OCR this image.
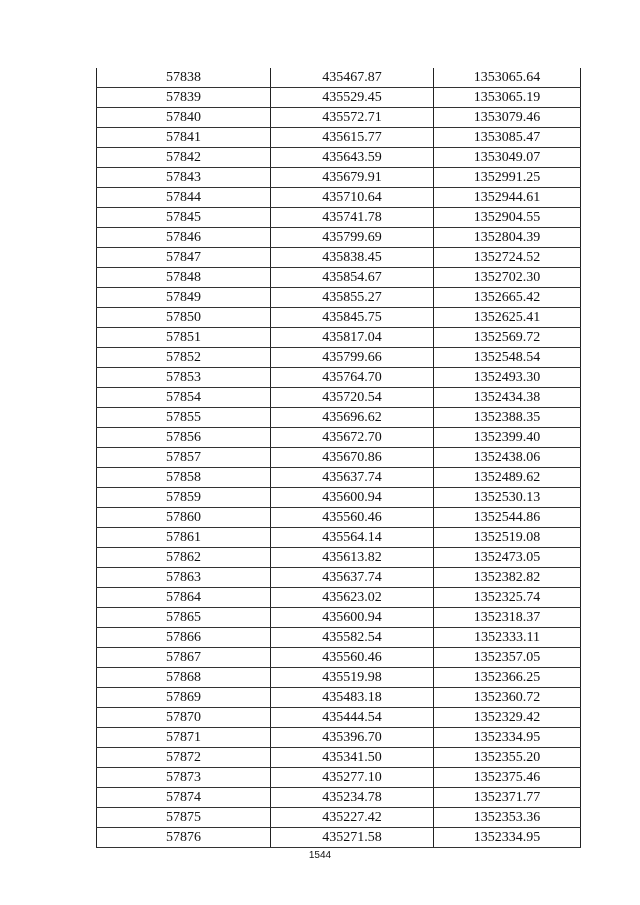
57838	435467.87	1353065.64
57839	435529.45	1353065.19
57840	435572.71	1353079.46
57841	435615.77	1353085.47
57842	435643.59	1353049.07
57843	435679.91	1352991.25
57844	435710.64	1352944.61
57845	435741.78	1352904.55
57846	435799.69	1352804.39
57847	435838.45	1352724.52
57848	435854.67	1352702.30
57849	435855.27	1352665.42
57850	435845.75	1352625.41
57851	435817.04	1352569.72
57852	435799.66	1352548.54
57853	435764.70	1352493.30
57854	435720.54	1352434.38
57855	435696.62	1352388.35
57856	435672.70	1352399.40
57857	435670.86	1352438.06
57858	435637.74	1352489.62
57859	435600.94	1352530.13
57860	435560.46	1352544.86
57861	435564.14	1352519.08
57862	435613.82	1352473.05
57863	435637.74	1352382.82
57864	435623.02	1352325.74
57865	435600.94	1352318.37
57866	435582.54	1352333.11
57867	435560.46	1352357.05
57868	435519.98	1352366.25
57869	435483.18	1352360.72
57870	435444.54	1352329.42
57871	435396.70	1352334.95
57872	435341.50	1352355.20
57873	435277.10	1352375.46
57874	435234.78	1352371.77
57875	435227.42	1352353.36
57876	435271.58	1352334.95
1544
